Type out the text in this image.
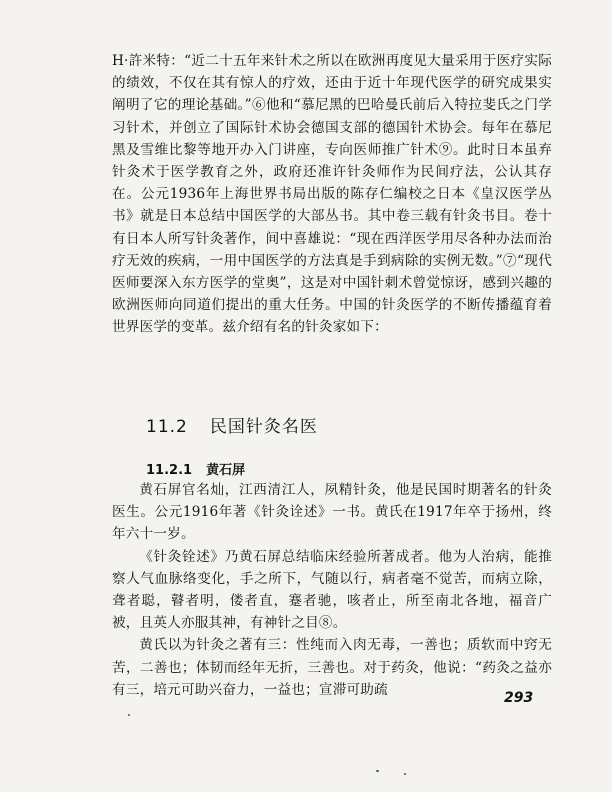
H·許米特：“近二十五年来针术之所以在欧洲再度见大量采用于医疗实际的绩效，不仅在其有惊人的疗效，还由于近十年现代医学的研究成果实阐明了它的理论基础。”⑥他和“慕尼黑的巴哈曼氏前后入特拉斐氏之门学习针术，并创立了国际针术协会德国支部的德国针术协会。每年在慕尼黑及雪维比黎等地开办入门讲座，专向医师推广针术⑨。此时日本虽弃针灸术于医学教育之外，政府还准许针灸师作为民间疗法，公认其存在。公元1936年上海世界书局出版的陈存仁编校之日本《皇汉医学丛书》就是日本总结中国医学的大部丛书。其中卷三载有针灸书目。卷十有日本人所写针灸著作，间中喜雄说：“现在西洋医学用尽各种办法而治疗无效的疾病，一用中国医学的方法真是手到病除的实例无数。”⑦“现代医师要深入东方医学的堂奥”，这是对中国针刺术曾觉惊讶，感到兴趣的欧洲医师向同道们提出的重大任务。中国的针灸医学的不断传播蕴育着世界医学的变革。兹介绍有名的针灸家如下：

11.2 民国针灸名医
11.2.1 黄石屏

黄石屏官名灿，江西清江人，夙精针灸，他是民国时期著名的针灸医生。公元1916年著《针灸诠述》一书。黄氏在1917年卒于扬州，终年六十一岁。

《针灸铨述》乃黄石屏总结临床经验所著成者。他为人治病，能推察人气血脉络变化，手之所下，气随以行，病者毫不觉苦，而病立除，聋者聪，瞽者明，偻者直，蹇者驰，咳者止，所至南北各地，福音广被，且英人亦服其神，有神针之目⑧。

黄氏以为针灸之著有三：性纯而入肉无毒，一善也；质软而中窍无苦，二善也；体韧而经年无折，三善也。对于药灸，他说：“药灸之益亦有三，培元可助兴奋力，一益也；宣滞可助疏

293
